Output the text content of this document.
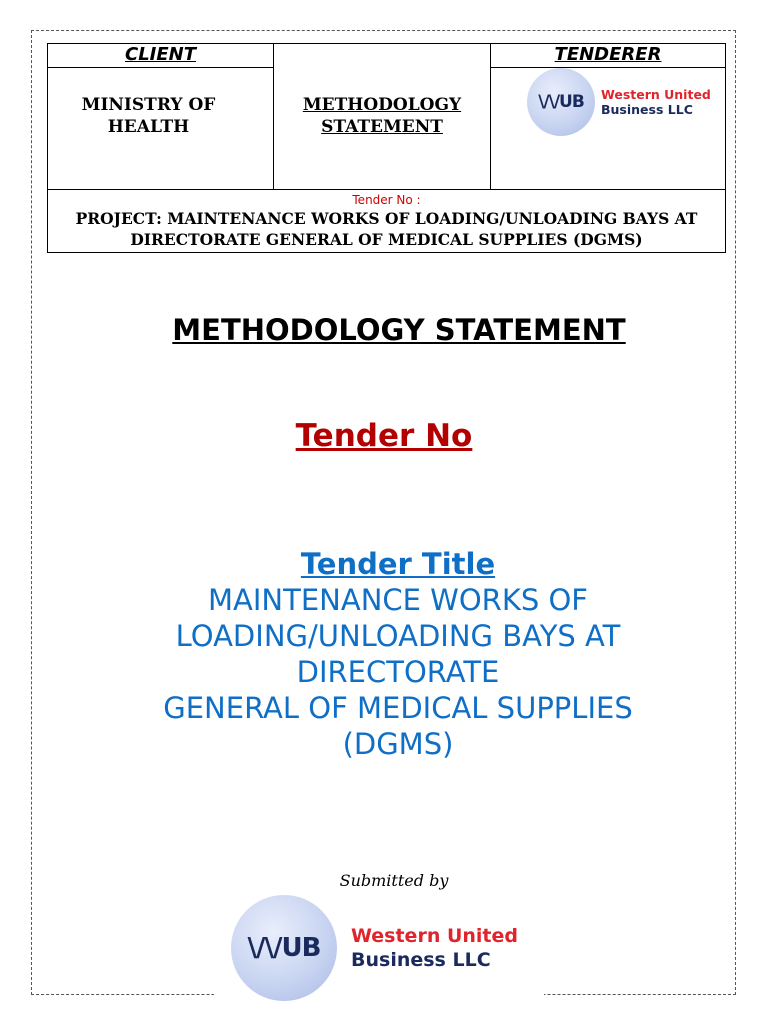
CLIENT
MINISTRY OF HEALTH
METHODOLOGY STATEMENT
TENDERER
Tender No :
PROJECT: MAINTENANCE WORKS OF LOADING/UNLOADING BAYS AT DIRECTORATE GENERAL OF MEDICAL SUPPLIES (DGMS)
\/\/UB Western United
Business LLC
METHODOLOGY STATEMENT
Tender No
Tender Title
MAINTENANCE WORKS OF
LOADING/UNLOADING BAYS AT
DIRECTORATE
GENERAL OF MEDICAL SUPPLIES
(DGMS)
Submitted by
\/\/UB Western United
Business LLC
